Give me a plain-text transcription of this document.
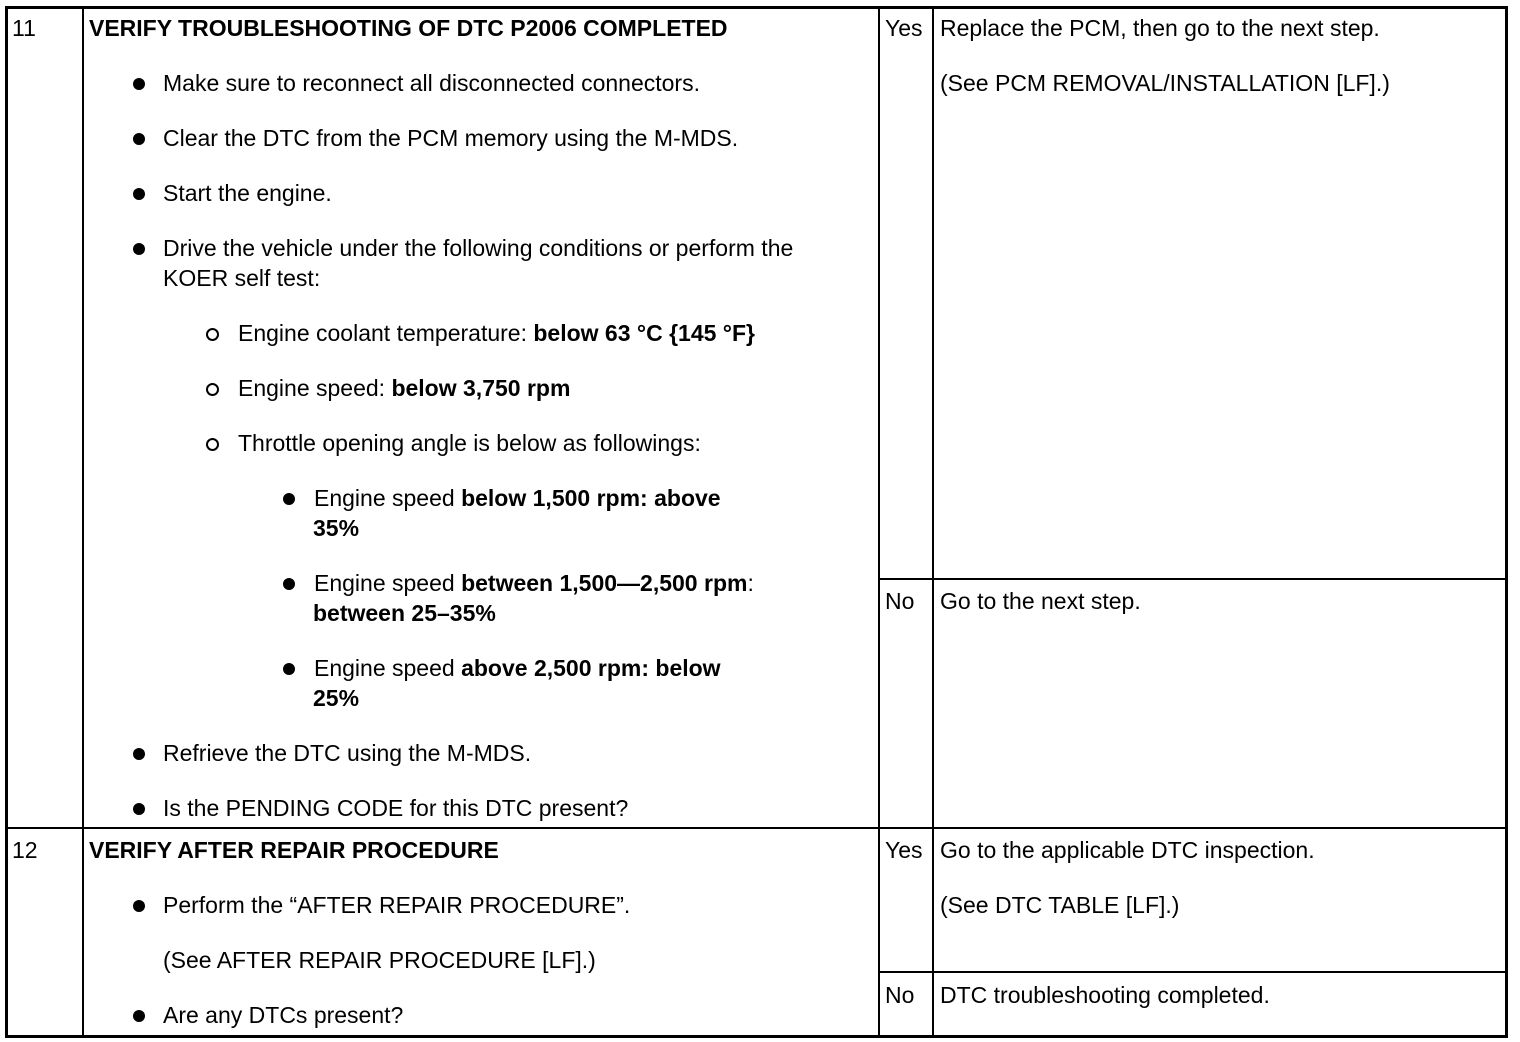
11 VERIFY TROUBLESHOOTING OF DTC P2006 COMPLETED
Make sure to reconnect all disconnected connectors.
Clear the DTC from the PCM memory using the M-MDS.
Start the engine.
Drive the vehicle under the following conditions or perform the
KOER self test:
Engine coolant temperature: below 63 °C {145 °F}
Engine speed: below 3,750 rpm
Throttle opening angle is below as followings:
Engine speed below 1,500 rpm: above
35%
Engine speed between 1,500—2,500 rpm:
between 25–35%
Engine speed above 2,500 rpm: below
25%
Refrieve the DTC using the M-MDS.
Is the PENDING CODE for this DTC present?
Yes Replace the PCM, then go to the next step.
(See PCM REMOVAL/INSTALLATION [LF].)
No Go to the next step.
12 VERIFY AFTER REPAIR PROCEDURE
Perform the “AFTER REPAIR PROCEDURE”.
(See AFTER REPAIR PROCEDURE [LF].)
Are any DTCs present?
Yes Go to the applicable DTC inspection.
(See DTC TABLE [LF].)
No DTC troubleshooting completed.
